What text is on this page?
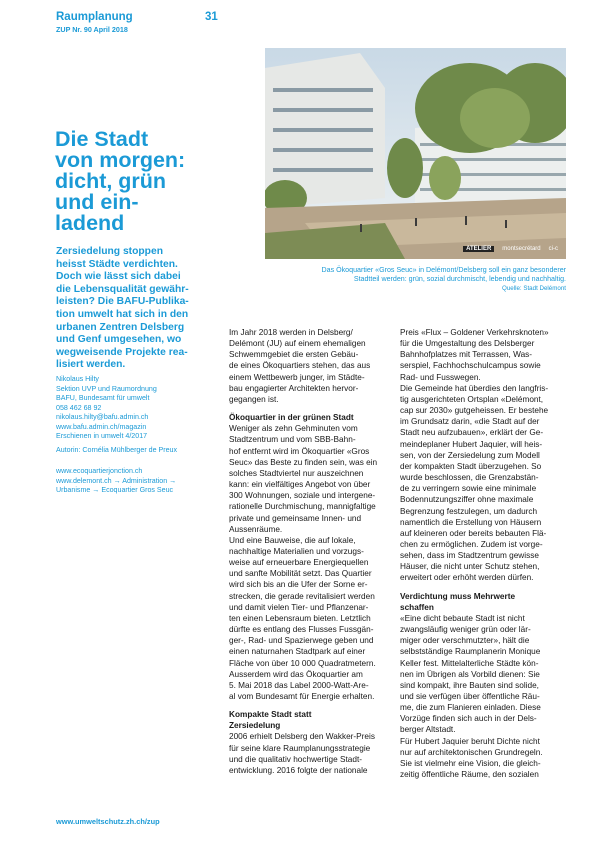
Raumplanung
ZUP Nr. 90 April 2018
31
ATELIER	montsecrétard ci-c
Das Ökoquartier «Gros Seuc» in Delémont/Delsberg soll ein ganz besonderer
Stadtteil werden: grün, sozial durchmischt, lebendig und nachhaltig.
Quelle: Stadt Delémont
Die Stadt
von morgen:
dicht, grün
und ein-
ladend
Zersiedelung stoppen
heisst Städte verdichten.
Doch wie lässt sich dabei
die Lebensqualität gewähr-
leisten? Die BAFU-Publika-
tion umwelt hat sich in den
urbanen Zentren Delsberg
und Genf umgesehen, wo
wegweisende Projekte rea-
lisiert werden.
Nikolaus Hilty
Sektion UVP und Raumordnung
BAFU, Bundesamt für umwelt
058 462 68 92
nikolaus.hilty@bafu.admin.ch
www.bafu.admin.ch/magazin
Erschienen in umwelt 4/2017
Autorin: Cornélia Mühlberger de Preux
www.ecoquartierjonction.ch
www.delemont.ch → Administration →
Urbanisme → Ecoquartier Gros Seuc

Im Jahr 2018 werden in Delsberg/
Delémont (JU) auf einem ehemaligen
Schwemmgebiet die ersten Gebäu-
de eines Ökoquartiers stehen, das aus
einem Wettbewerb junger, im Städte-
bau engagierter Architekten hervor-
gegangen ist.

Ökoquartier in der grünen Stadt

Weniger als zehn Gehminuten vom
Stadtzentrum und vom SBB-Bahn-
hof entfernt wird im Ökoquartier «Gros
Seuc» das Beste zu finden sein, was ein
solches Stadtviertel nur auszeichnen
kann: ein vielfältiges Angebot von über
300 Wohnungen, soziale und intergene-
rationelle Durchmischung, mannigfaltige
private und gemeinsame Innen- und
Aussenräume.
Und eine Bauweise, die auf lokale,
nachhaltige Materialien und vorzugs-
weise auf erneuerbare Energiequellen
und sanfte Mobilität setzt. Das Quartier
wird sich bis an die Ufer der Sorne er-
strecken, die gerade revitalisiert werden
und damit vielen Tier- und Pflanzenar-
ten einen Lebensraum bieten. Letztlich
dürfte es entlang des Flusses Fussgän-
ger-, Rad- und Spazierwege geben und
einen naturnahen Stadtpark auf einer
Fläche von über 10 000 Quadratmetern.
Ausserdem wird das Ökoquartier am
5. Mai 2018 das Label 2000-Watt-Are-
al vom Bundesamt für Energie erhalten.

Kompakte Stadt statt
Zersiedelung

2006 erhielt Delsberg den Wakker-Preis
für seine klare Raumplanungsstrategie
und die qualitativ hochwertige Stadt-
entwicklung. 2016 folgte der nationale

Preis «Flux – Goldener Verkehrsknoten»
für die Umgestaltung des Delsberger
Bahnhofplatzes mit Terrassen, Was-
serspiel, Fachhochschulcampus sowie
Rad- und Fusswegen.
Die Gemeinde hat überdies den langfris-
tig ausgerichteten Ortsplan «Delémont,
cap sur 2030» gutgeheissen. Er bestehe
im Grundsatz darin, «die Stadt auf der
Stadt neu aufzubauen», erklärt der Ge-
meindeplaner Hubert Jaquier, will heis-
sen, von der Zersiedelung zum Modell
der kompakten Stadt überzugehen. So
wurde beschlossen, die Grenzabstän-
de zu verringern sowie eine minimale
Bodennutzungsziffer ohne maximale
Begrenzung festzulegen, um dadurch
namentlich die Erstellung von Häusern
auf kleineren oder bereits bebauten Flä-
chen zu ermöglichen. Zudem ist vorge-
sehen, dass im Stadtzentrum gewisse
Häuser, die nicht unter Schutz stehen,
erweitert oder erhöht werden dürfen.

Verdichtung muss Mehrwerte
schaffen

«Eine dicht bebaute Stadt ist nicht
zwangsläufig weniger grün oder lär-
miger oder verschmutzter», hält die
selbstständige Raumplanerin Monique
Keller fest. Mittelalterliche Städte kön-
nen im Übrigen als Vorbild dienen: Sie
sind kompakt, ihre Bauten sind solide,
und sie verfügen über öffentliche Räu-
me, die zum Flanieren einladen. Diese
Vorzüge finden sich auch in der Dels-
berger Altstadt.
Für Hubert Jaquier beruht Dichte nicht
nur auf architektonischen Grundregeln.
Sie ist vielmehr eine Vision, die gleich-
zeitig öffentliche Räume, den sozialen

www.umweltschutz.zh.ch/zup
